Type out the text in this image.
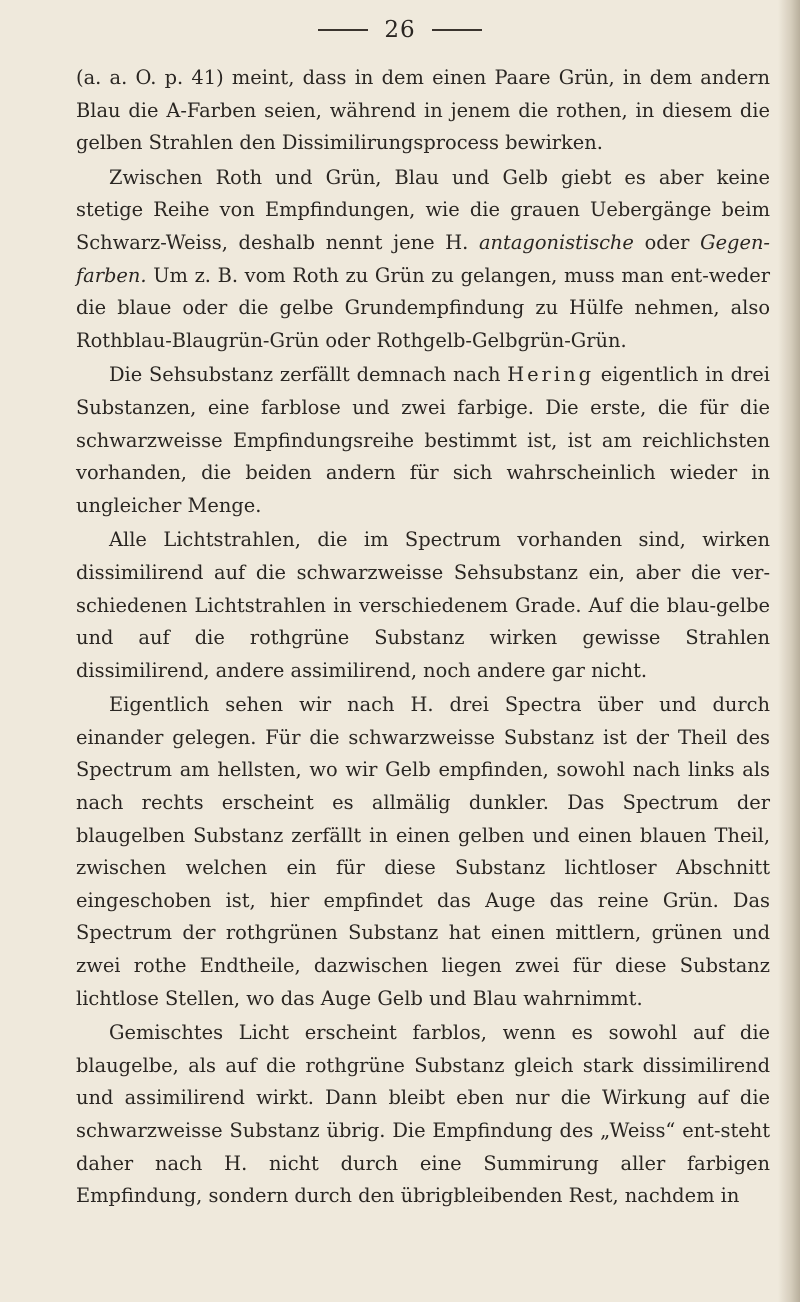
26

(a. a. O. p. 41) meint, dass in dem einen Paare Grün, in dem andern Blau die A-Farben seien, während in jenem die rothen, in diesem die gelben Strahlen den Dissimilirungsprocess bewirken.

Zwischen Roth und Grün, Blau und Gelb giebt es aber keine stetige Reihe von Empfindungen, wie die grauen Uebergänge beim Schwarz-Weiss, deshalb nennt jene H. antagonistische oder Gegen-farben. Um z. B. vom Roth zu Grün zu gelangen, muss man ent-weder die blaue oder die gelbe Grundempfindung zu Hülfe nehmen, also Rothblau-Blaugrün-Grün oder Rothgelb-Gelbgrün-Grün.

Die Sehsubstanz zerfällt demnach nach Hering eigentlich in drei Substanzen, eine farblose und zwei farbige. Die erste, die für die schwarzweisse Empfindungsreihe bestimmt ist, ist am reichlichsten vorhanden, die beiden andern für sich wahrscheinlich wieder in ungleicher Menge.

Alle Lichtstrahlen, die im Spectrum vorhanden sind, wirken dissimilirend auf die schwarzweisse Sehsubstanz ein, aber die ver-schiedenen Lichtstrahlen in verschiedenem Grade. Auf die blau-gelbe und auf die rothgrüne Substanz wirken gewisse Strahlen dissimilirend, andere assimilirend, noch andere gar nicht.

Eigentlich sehen wir nach H. drei Spectra über und durch einander gelegen. Für die schwarzweisse Substanz ist der Theil des Spectrum am hellsten, wo wir Gelb empfinden, sowohl nach links als nach rechts erscheint es allmälig dunkler. Das Spectrum der blaugelben Substanz zerfällt in einen gelben und einen blauen Theil, zwischen welchen ein für diese Substanz lichtloser Abschnitt eingeschoben ist, hier empfindet das Auge das reine Grün. Das Spectrum der rothgrünen Substanz hat einen mittlern, grünen und zwei rothe Endtheile, dazwischen liegen zwei für diese Substanz lichtlose Stellen, wo das Auge Gelb und Blau wahrnimmt.

Gemischtes Licht erscheint farblos, wenn es sowohl auf die blaugelbe, als auf die rothgrüne Substanz gleich stark dissimilirend und assimilirend wirkt. Dann bleibt eben nur die Wirkung auf die schwarzweisse Substanz übrig. Die Empfindung des „Weiss“ ent-steht daher nach H. nicht durch eine Summirung aller farbigen Empfindung, sondern durch den übrigbleibenden Rest, nachdem in
